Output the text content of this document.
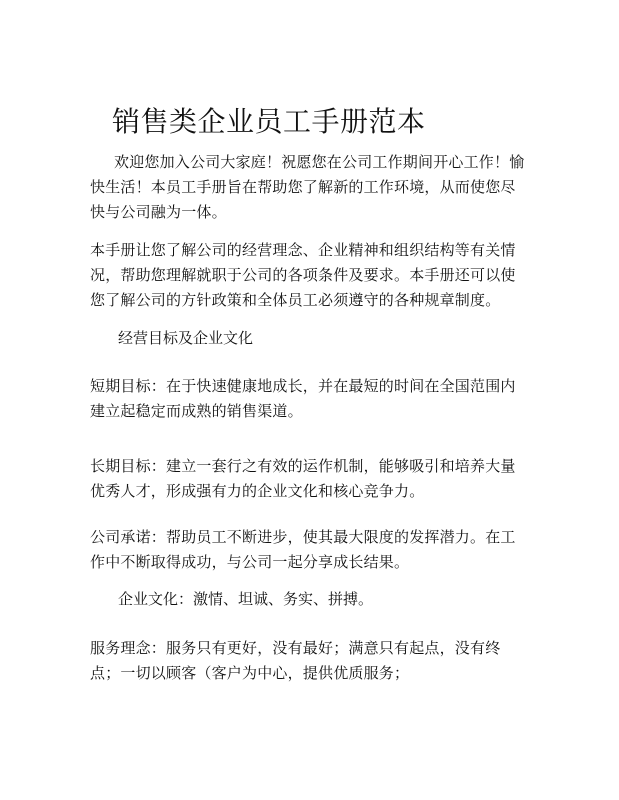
销售类企业员工手册范本
欢迎您加入公司大家庭！祝愿您在公司工作期间开心工作！愉快生活！本员工手册旨在帮助您了解新的工作环境，从而使您尽快与公司融为一体。
本手册让您了解公司的经营理念、企业精神和组织结构等有关情况，帮助您理解就职于公司的各项条件及要求。本手册还可以使您了解公司的方针政策和全体员工必须遵守的各种规章制度。
经营目标及企业文化
短期目标：在于快速健康地成长，并在最短的时间在全国范围内建立起稳定而成熟的销售渠道。
长期目标：建立一套行之有效的运作机制，能够吸引和培养大量优秀人才，形成强有力的企业文化和核心竞争力。
公司承诺：帮助员工不断进步，使其最大限度的发挥潜力。在工作中不断取得成功，与公司一起分享成长结果。
企业文化：激情、坦诚、务实、拼搏。
服务理念：服务只有更好，没有最好；满意只有起点，没有终点；一切以顾客（客户为中心，提供优质服务；
